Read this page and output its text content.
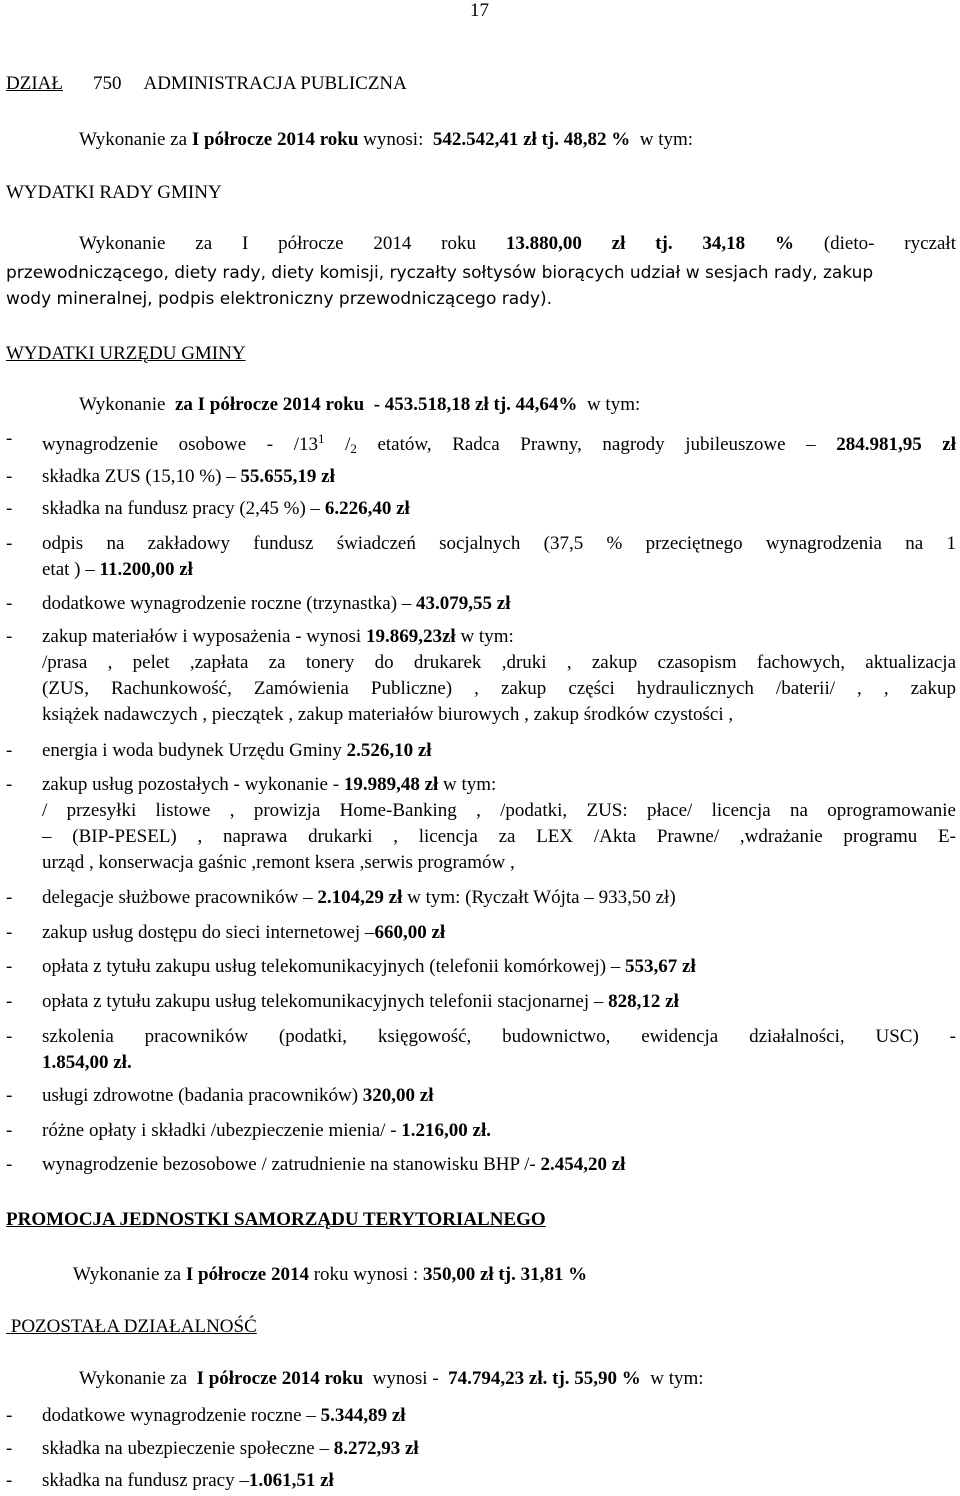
17
DZIAŁ 750 ADMINISTRACJA PUBLICZNA
Wykonanie za I półrocze 2014 roku wynosi: 542.542,41 zł tj. 48,82 % w tym:
WYDATKI RADY GMINY

Wykonanie za I półrocze 2014 roku 13.880,00 zł tj. 34,18 % (dieto- ryczałt

przewodniczącego, diety rady, diety komisji, ryczałty sołtysów biorących udział w sesjach rady, zakup
wody mineralnej, podpis elektroniczny przewodniczącego rady).
WYDATKI URZĘDU GMINY
Wykonanie za I półrocze 2014 roku - 453.518,18 zł tj. 44,64% w tym:
- wynagrodzenie osobowe - $/13^1$ $/_2$ etatów, Radca Prawny, nagrody jubileuszowe – 284.981,95 zł
- składka ZUS (15,10 %) – 55.655,19 zł
- składka na fundusz pracy (2,45 %) – 6.226,40 zł
- odpis na zakładowy fundusz świadczeń socjalnych (37,5 % przeciętnego wynagrodzenia na 1
etat ) – 11.200,00 zł
- dodatkowe wynagrodzenie roczne (trzynastka) – 43.079,55 zł
- zakup materiałów i wyposażenia - wynosi 19.869,23zł w tym:
/prasa , pelet ,zapłata za tonery do drukarek ,druki , zakup czasopism fachowych, aktualizacja
(ZUS, Rachunkowość, Zamówienia Publiczne) , zakup części hydraulicznych /baterii/ , , zakup
książek nadawczych , pieczątek , zakup materiałów biurowych , zakup środków czystości ,
- energia i woda budynek Urzędu Gminy 2.526,10 zł
- zakup usług pozostałych - wykonanie - 19.989,48 zł w tym:
/ przesyłki listowe , prowizja Home-Banking , /podatki, ZUS: płace/ licencja na oprogramowanie
– (BIP-PESEL) , naprawa drukarki , licencja za LEX /Akta Prawne/ ,wdrażanie programu E-
urząd , konserwacja gaśnic ,remont ksera ,serwis programów ,
- delegacje służbowe pracowników – 2.104,29 zł w tym: (Ryczałt Wójta – 933,50 zł)
- zakup usług dostępu do sieci internetowej –660,00 zł
- opłata z tytułu zakupu usług telekomunikacyjnych (telefonii komórkowej) – 553,67 zł
- opłata z tytułu zakupu usług telekomunikacyjnych telefonii stacjonarnej – 828,12 zł
- szkolenia pracowników (podatki, księgowość, budownictwo, ewidencja działalności, USC) -
1.854,00 zł.
- usługi zdrowotne (badania pracowników) 320,00 zł
- różne opłaty i składki /ubezpieczenie mienia/ - 1.216,00 zł.
- wynagrodzenie bezosobowe / zatrudnienie na stanowisku BHP /- 2.454,20 zł
PROMOCJA JEDNOSTKI SAMORZĄDU TERYTORIALNEGO
Wykonanie za I półrocze 2014 roku wynosi : 350,00 zł tj. 31,81 %
POZOSTAŁA DZIAŁALNOŚĆ
Wykonanie za I półrocze 2014 roku wynosi - 74.794,23 zł. tj. 55,90 % w tym:
- dodatkowe wynagrodzenie roczne – 5.344,89 zł
- składka na ubezpieczenie społeczne – 8.272,93 zł
- składka na fundusz pracy –1.061,51 zł
